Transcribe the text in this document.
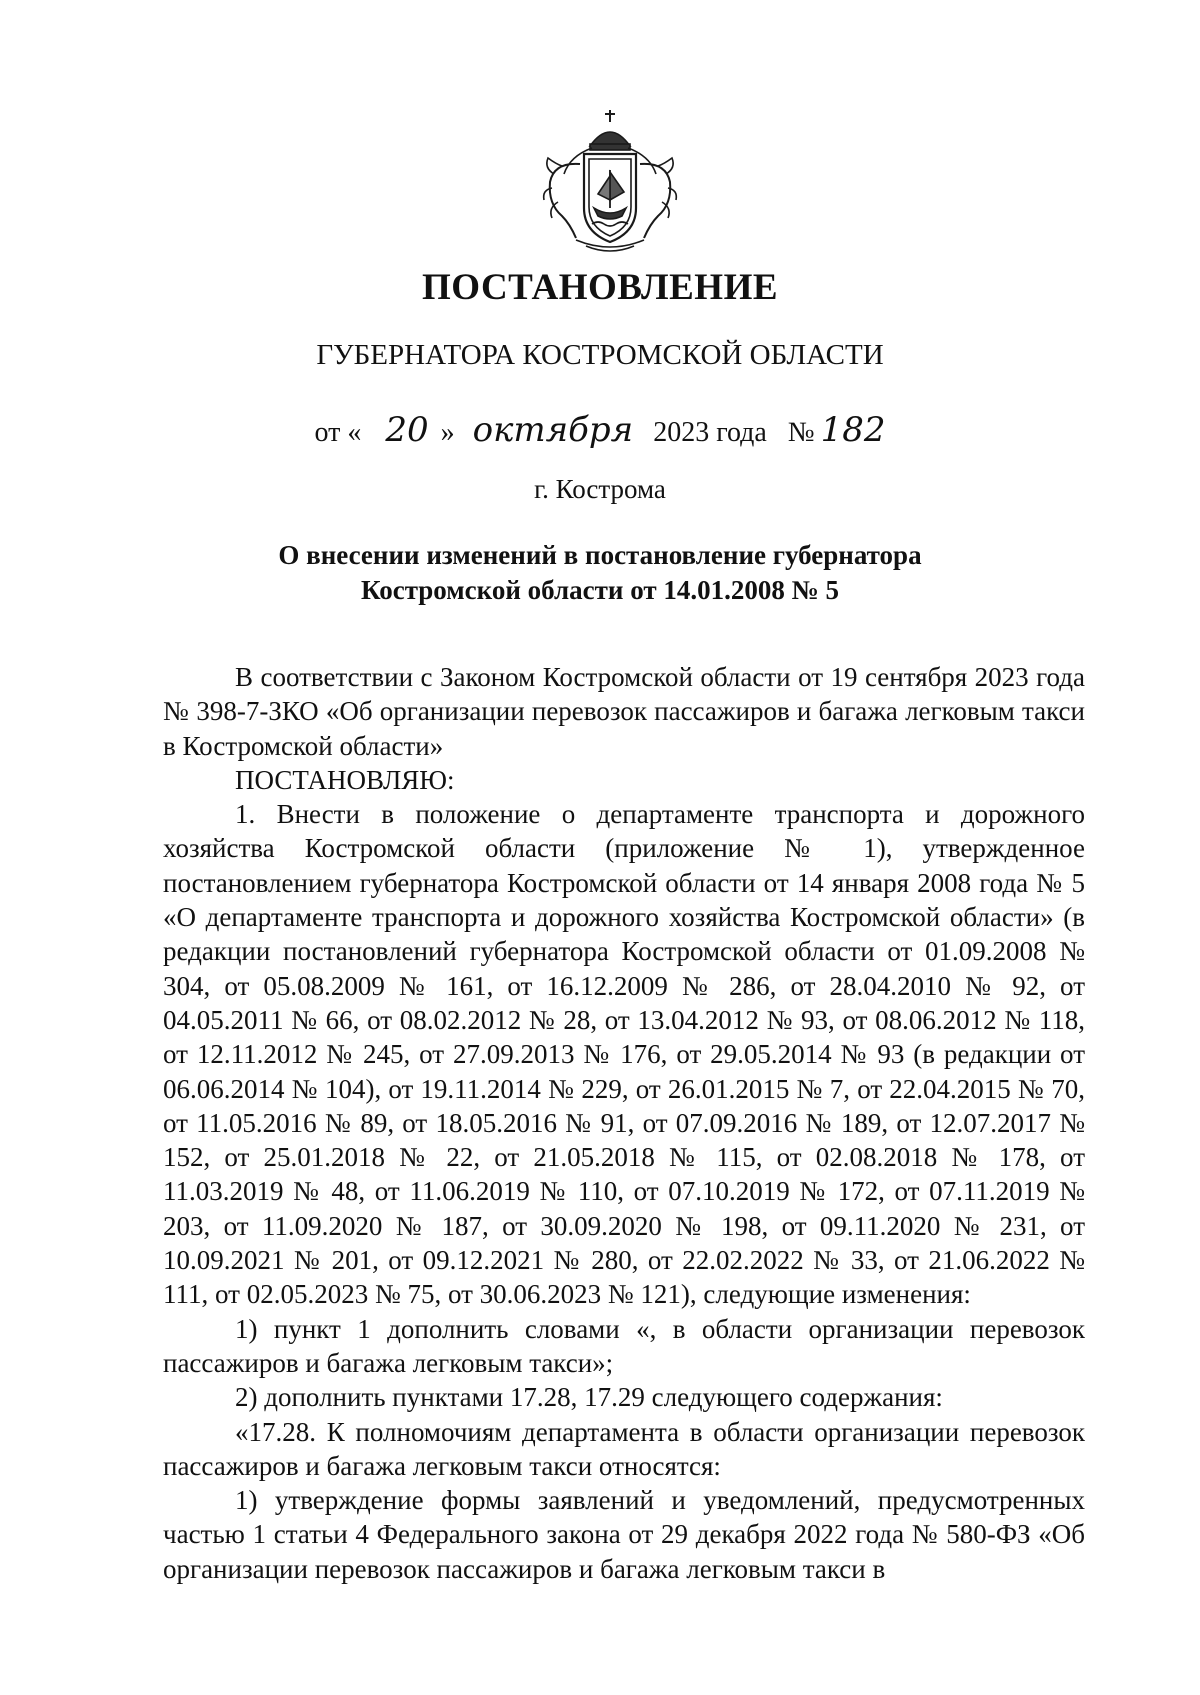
ПОСТАНОВЛЕНИЕ
ГУБЕРНАТОРА КОСТРОМСКОЙ ОБЛАСТИ
от « 20 » октября 2023 года № 182
г. Кострома
О внесении изменений в постановление губернатора
Костромской области от 14.01.2008 № 5

В соответствии с Законом Костромской области от 19 сентября 2023 года № 398-7-ЗКО «Об организации перевозок пассажиров и багажа легковым такси в Костромской области»

ПОСТАНОВЛЯЮ:

1. Внести в положение о департаменте транспорта и дорожного хозяйства Костромской области (приложение № 1), утвержденное постановлением губернатора Костромской области от 14 января 2008 года № 5 «О департаменте транспорта и дорожного хозяйства Костромской области» (в редакции постановлений губернатора Костромской области от 01.09.2008 № 304, от 05.08.2009 № 161, от 16.12.2009 № 286, от 28.04.2010 № 92, от 04.05.2011 № 66, от 08.02.2012 № 28, от 13.04.2012 № 93, от 08.06.2012 № 118, от 12.11.2012 № 245, от 27.09.2013 № 176, от 29.05.2014 № 93 (в редакции от 06.06.2014 № 104), от 19.11.2014 № 229, от 26.01.2015 № 7, от 22.04.2015 № 70, от 11.05.2016 № 89, от 18.05.2016 № 91, от 07.09.2016 № 189, от 12.07.2017 № 152, от 25.01.2018 № 22, от 21.05.2018 № 115, от 02.08.2018 № 178, от 11.03.2019 № 48, от 11.06.2019 № 110, от 07.10.2019 № 172, от 07.11.2019 № 203, от 11.09.2020 № 187, от 30.09.2020 № 198, от 09.11.2020 № 231, от 10.09.2021 № 201, от 09.12.2021 № 280, от 22.02.2022 № 33, от 21.06.2022 № 111, от 02.05.2023 № 75, от 30.06.2023 № 121), следующие изменения:

1) пункт 1 дополнить словами «, в области организации перевозок пассажиров и багажа легковым такси»;

2) дополнить пунктами 17.28, 17.29 следующего содержания:

«17.28. К полномочиям департамента в области организации перевозок пассажиров и багажа легковым такси относятся:

1) утверждение формы заявлений и уведомлений, предусмотренных частью 1 статьи 4 Федерального закона от 29 декабря 2022 года № 580-ФЗ «Об организации перевозок пассажиров и багажа легковым такси в
